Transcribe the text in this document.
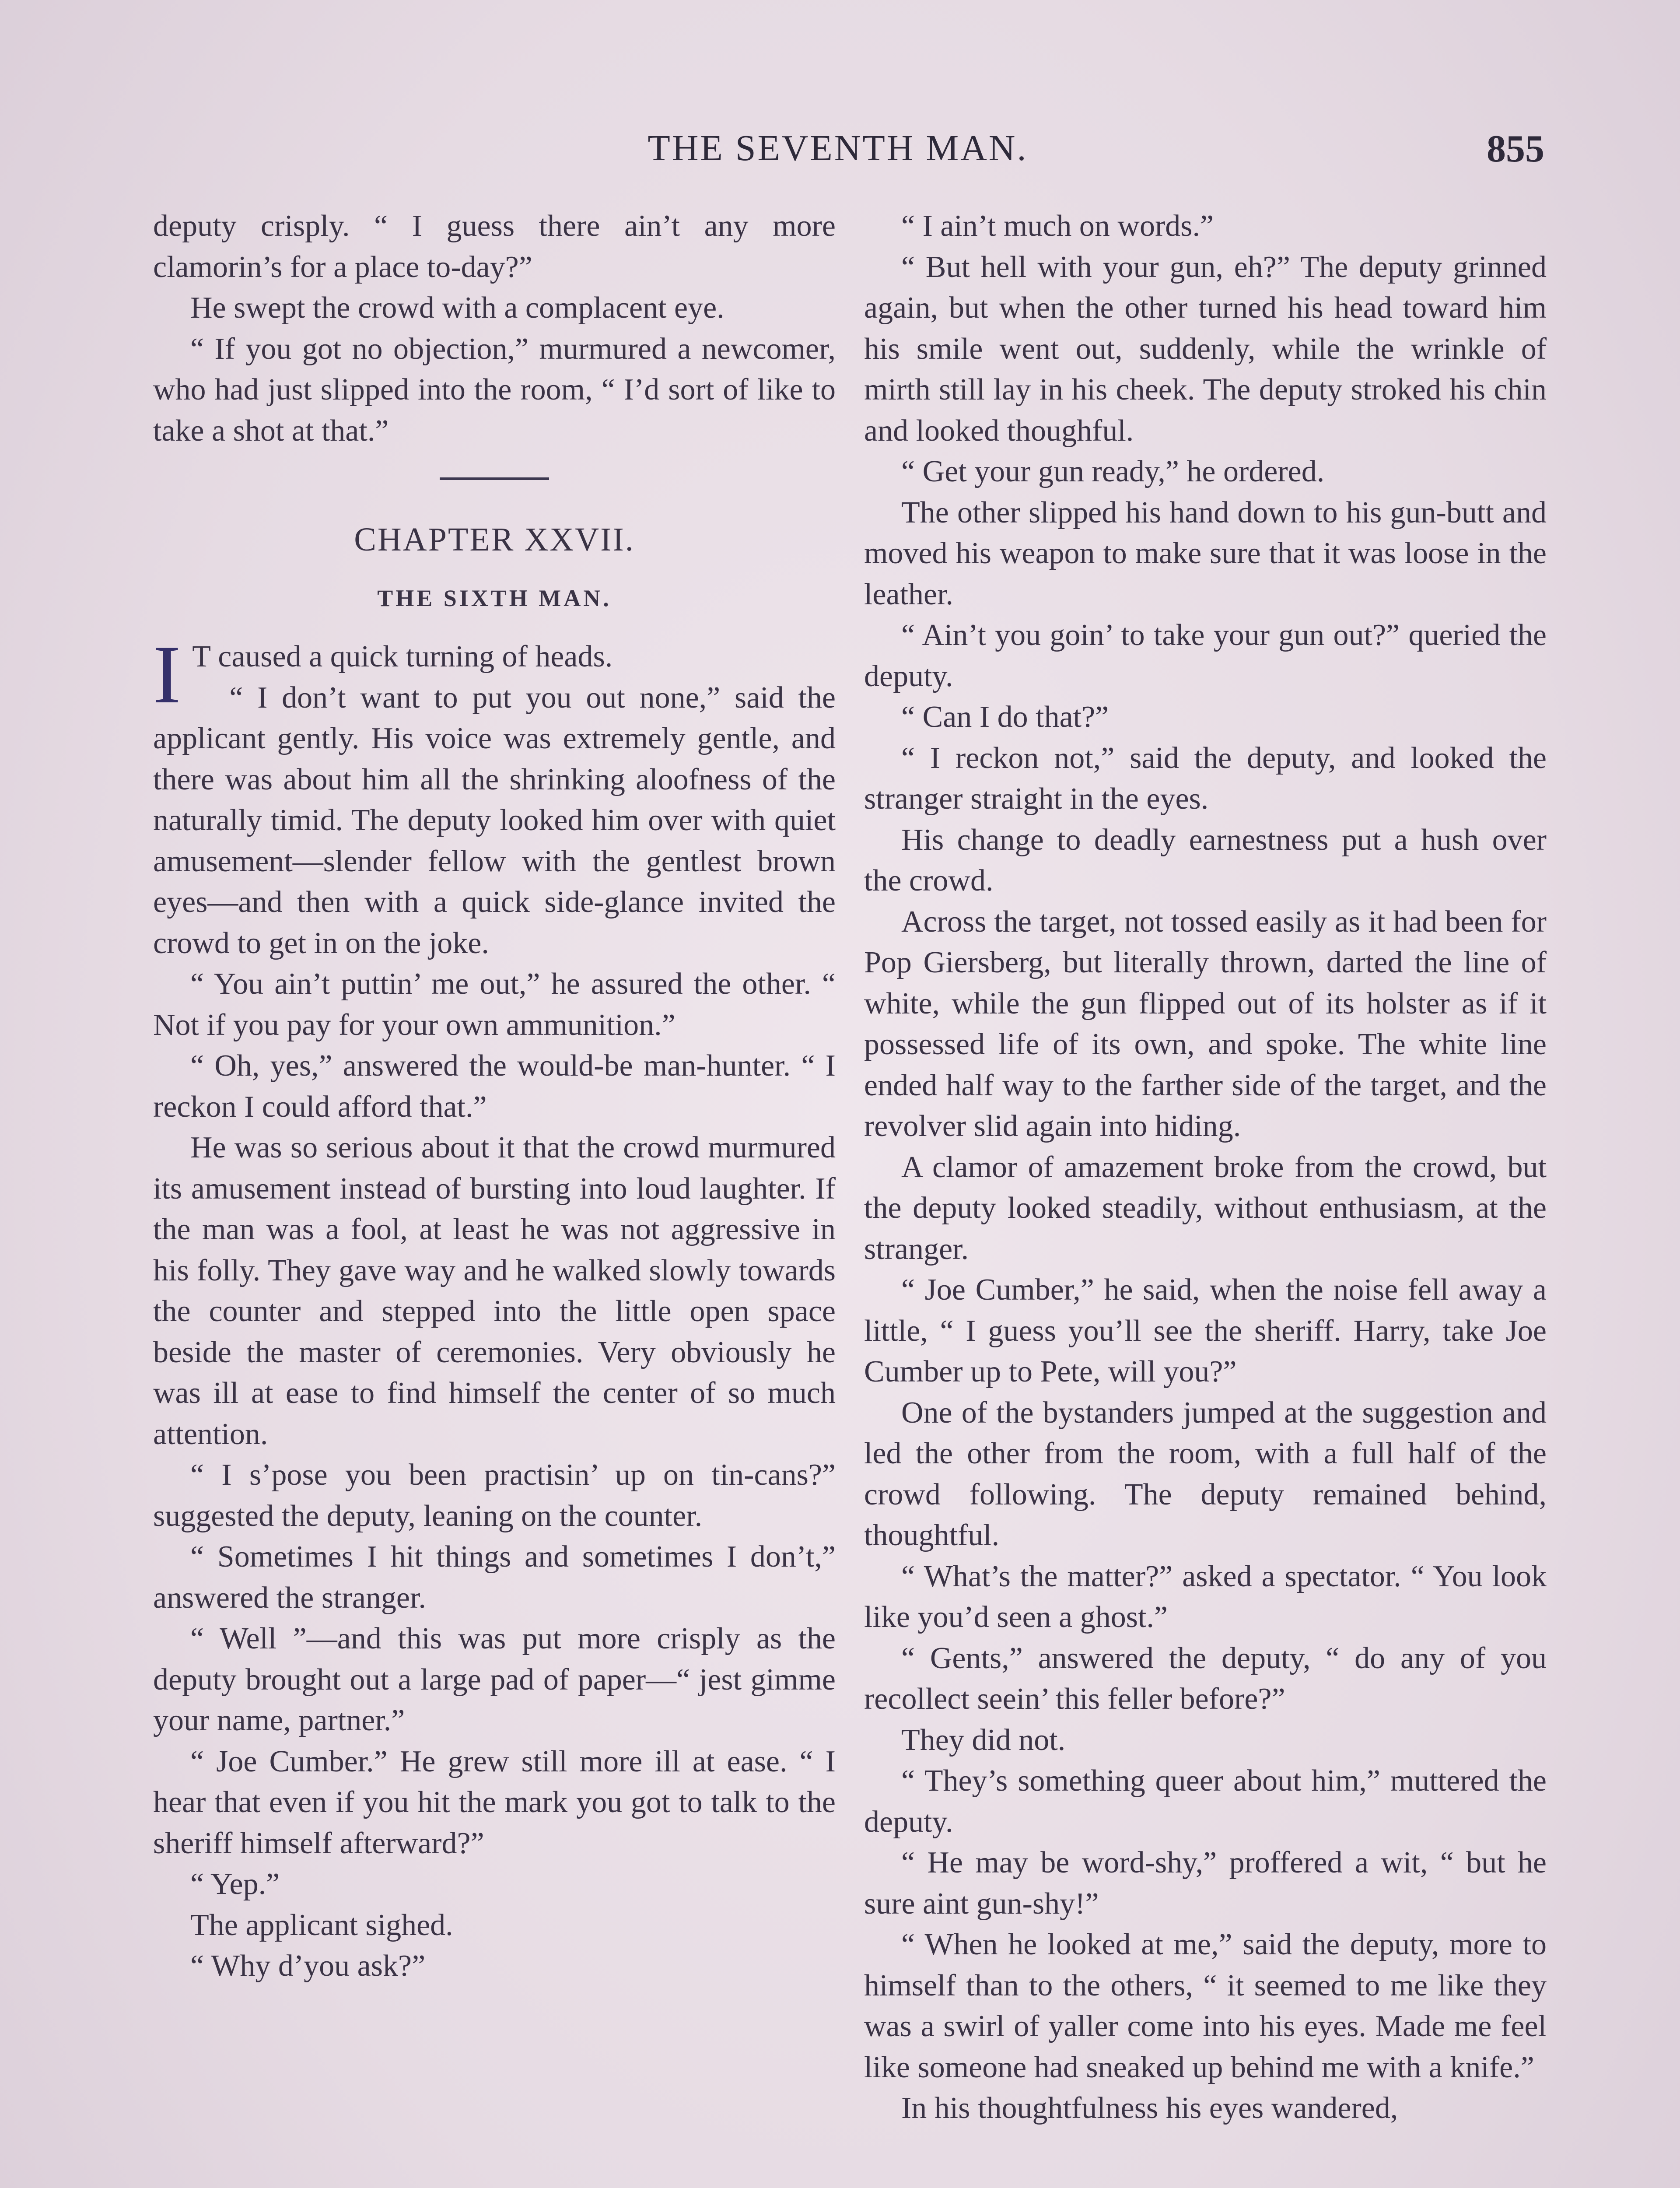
THE SEVENTH MAN.	855

deputy crisply. “ I guess there ain’t any more clamorin’s for a place to-day?”

He swept the crowd with a complacent eye.

“ If you got no objection,” murmured a newcomer, who had just slipped into the room, “ I’d sort of like to take a shot at that.”

CHAPTER XXVII.
THE SIXTH MAN.

I T caused a quick turning of heads.

“ I don’t want to put you out none,” said the applicant gently. His voice was extremely gentle, and there was about him all the shrinking aloofness of the naturally timid. The deputy looked him over with quiet amusement—slender fellow with the gentlest brown eyes—and then with a quick side-glance invited the crowd to get in on the joke.

“ You ain’t puttin’ me out,” he assured the other. “ Not if you pay for your own ammunition.”

“ Oh, yes,” answered the would-be man-hunter. “ I reckon I could afford that.”

He was so serious about it that the crowd murmured its amusement instead of bursting into loud laughter. If the man was a fool, at least he was not aggressive in his folly. They gave way and he walked slowly towards the counter and stepped into the little open space beside the master of ceremonies. Very obviously he was ill at ease to find himself the center of so much attention.

“ I s’pose you been practisin’ up on tin-cans?” suggested the deputy, leaning on the counter.

“ Sometimes I hit things and sometimes I don’t,” answered the stranger.

“ Well ”—and this was put more crisply as the deputy brought out a large pad of paper—“ jest gimme your name, partner.”

“ Joe Cumber.” He grew still more ill at ease. “ I hear that even if you hit the mark you got to talk to the sheriff himself afterward?”

“ Yep.”

The applicant sighed.

“ Why d’you ask?”

“ I ain’t much on words.”

“ But hell with your gun, eh?” The deputy grinned again, but when the other turned his head toward him his smile went out, suddenly, while the wrinkle of mirth still lay in his cheek. The deputy stroked his chin and looked thoughful.

“ Get your gun ready,” he ordered.

The other slipped his hand down to his gun-butt and moved his weapon to make sure that it was loose in the leather.

“ Ain’t you goin’ to take your gun out?” queried the deputy.

“ Can I do that?”

“ I reckon not,” said the deputy, and looked the stranger straight in the eyes.

His change to deadly earnestness put a hush over the crowd.

Across the target, not tossed easily as it had been for Pop Giersberg, but literally thrown, darted the line of white, while the gun flipped out of its holster as if it possessed life of its own, and spoke. The white line ended half way to the farther side of the target, and the revolver slid again into hiding.

A clamor of amazement broke from the crowd, but the deputy looked steadily, without enthusiasm, at the stranger.

“ Joe Cumber,” he said, when the noise fell away a little, “ I guess you’ll see the sheriff. Harry, take Joe Cumber up to Pete, will you?”

One of the bystanders jumped at the suggestion and led the other from the room, with a full half of the crowd following. The deputy remained behind, thoughtful.

“ What’s the matter?” asked a spectator. “ You look like you’d seen a ghost.”

“ Gents,” answered the deputy, “ do any of you recollect seein’ this feller before?”

They did not.

“ They’s something queer about him,” muttered the deputy.

“ He may be word-shy,” proffered a wit, “ but he sure aint gun-shy!”

“ When he looked at me,” said the deputy, more to himself than to the others, “ it seemed to me like they was a swirl of yaller come into his eyes. Made me feel like someone had sneaked up behind me with a knife.”

In his thoughtfulness his eyes wandered,
